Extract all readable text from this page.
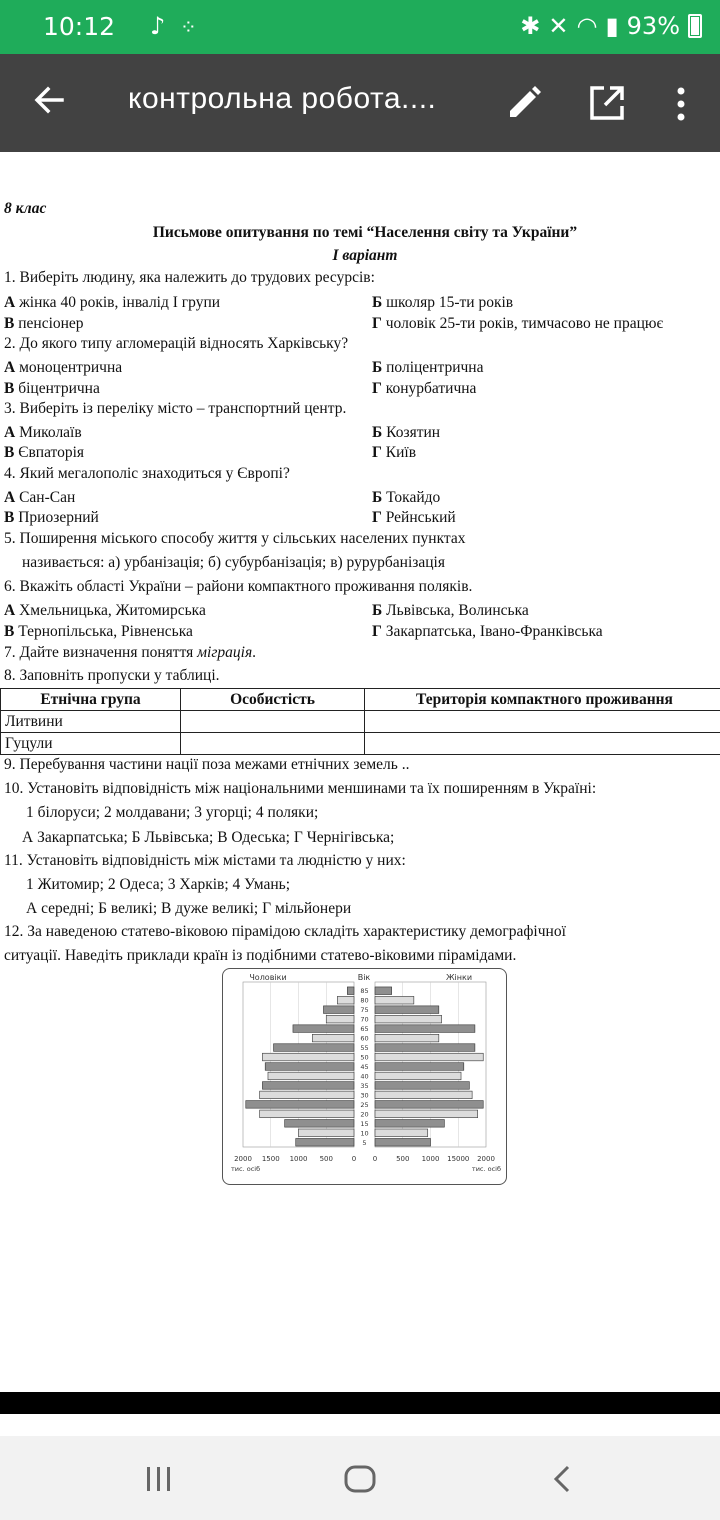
10:12 ♪ ⁘	✱ ✕ ◠ ▮ 93%
контрольна робота....
8 клас
Письмове опитування по темі “Населення світу та України”
І варіант
1. Виберіть людину, яка належить до трудових ресурсів:
А жінка 40 років, інвалід І групи	Б школяр 15-ти років
В пенсіонер	Г чоловік 25-ти років, тимчасово не працює
2. До якого типу агломерацій відносять Харківську?
А моноцентрична	Б поліцентрична
В біцентрична	Г конурбатична
3. Виберіть із переліку місто – транспортний центр.
А Миколаїв	Б Козятин
В Євпаторія	Г Київ
4. Який мегалополіс знаходиться у Європі?
А Сан-Сан	Б Токайдо
В Приозерний	Г Рейнський
5. Поширення міського способу життя у сільських населених пунктах
називається: а) урбанізація; б) субурбанізація; в) рурурбанізація
6. Вкажіть області України – райони компактного проживання поляків.
А Хмельницька, Житомирська	Б Львівська, Волинська
В Тернопільська, Рівненська	Г Закарпатська, Івано-Франківська
7. Дайте визначення поняття міграція.
8. Заповніть пропуски у таблиці.
Етнічна група	Особистість	Територія компактного проживання
Литвини		
Гуцули		
9. Перебування частини нації поза межами етнічних земель ..
10. Установіть відповідність між національними меншинами та їх поширенням в Україні:
1 білоруси; 2 молдавани; 3 угорці; 4 поляки;
А Закарпатська; Б Львівська; В Одеська; Г Чернігівська;
11. Установіть відповідність між містами та людністю у них:
1 Житомир; 2 Одеса; 3 Харків; 4 Умань;
А середні; Б великі; В дуже великі; Г мільйонери
12. За наведеною статево-віковою пірамідою складіть характеристику демографічної
ситуації. Наведіть приклади країн із подібними статево-віковими пірамідами.
Чоловіки	Вік	Жінки
5
10
15
20
25
30
35
40
45
50
55
60
65
70
75
80
85
2000 1500 1000 500	0 0	500 1000 15000 2000
тис. осіб	тис. осіб
